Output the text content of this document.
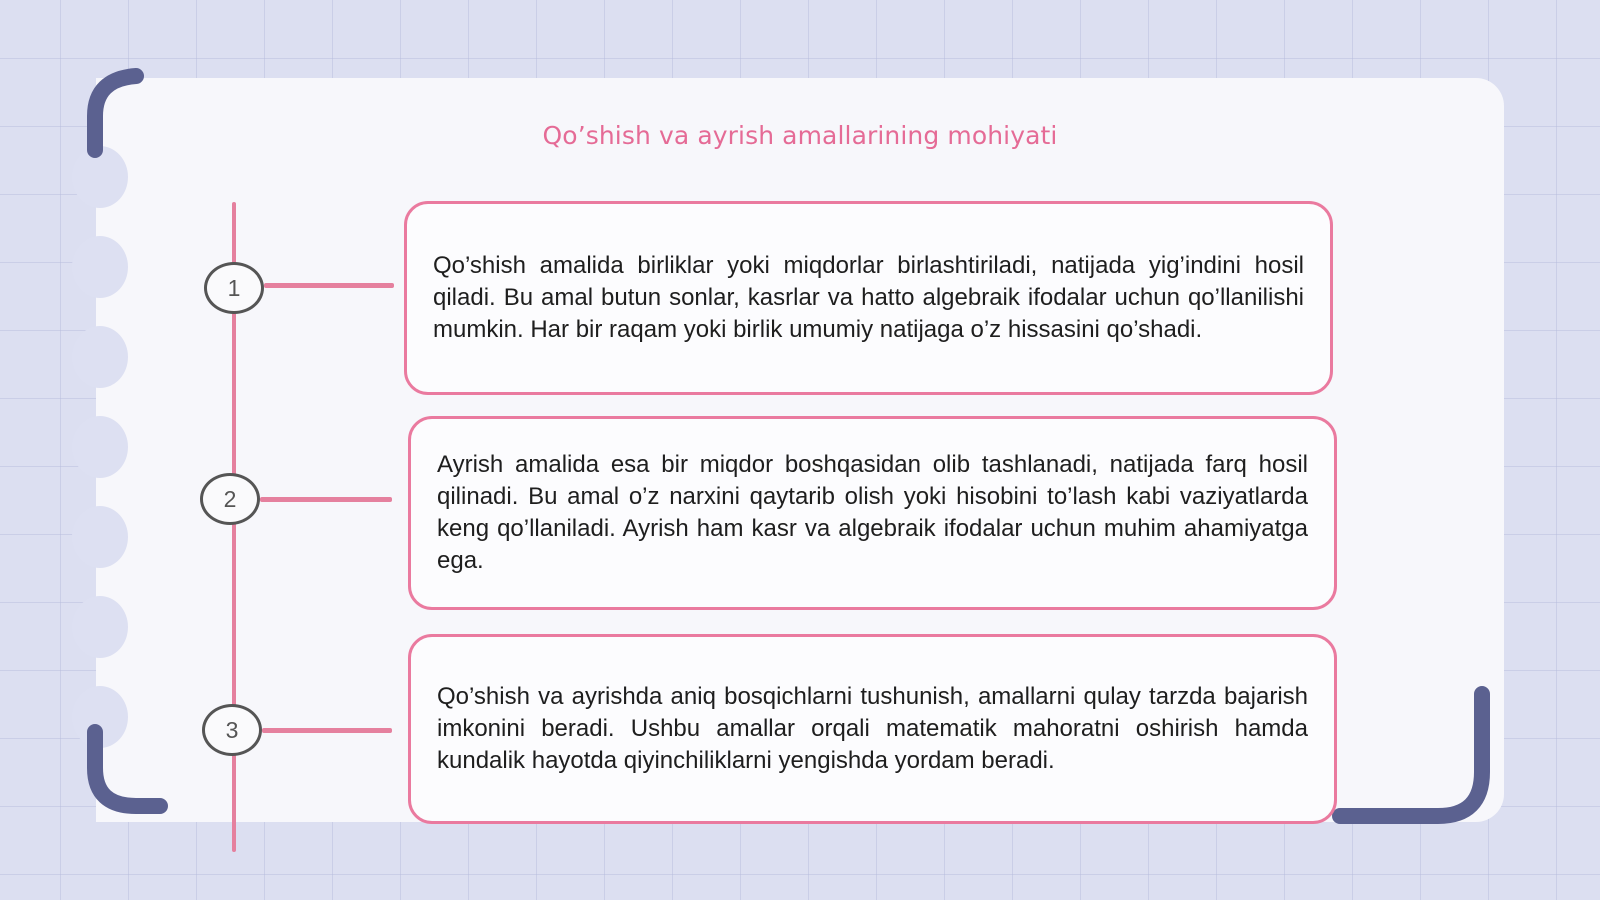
Qo’shish va ayrish amallarining mohiyati
1

Qo’shish amalida birliklar yoki miqdorlar birlashtiriladi, natijada yig’indini hosil qiladi. Bu amal butun sonlar, kasrlar va hatto algebraik ifodalar uchun qo’llanilishi mumkin. Har bir raqam yoki birlik umumiy natijaga o’z hissasini qo’shadi.

2

Ayrish amalida esa bir miqdor boshqasidan olib tashlanadi, natijada farq hosil qilinadi. Bu amal o’z narxini qaytarib olish yoki hisobini to’lash kabi vaziyatlarda keng qo’llaniladi. Ayrish ham kasr va algebraik ifodalar uchun muhim ahamiyatga ega.

3

Qo’shish va ayrishda aniq bosqichlarni tushunish, amallarni qulay tarzda bajarish imkonini beradi. Ushbu amallar orqali matematik mahoratni oshirish hamda kundalik hayotda qiyinchiliklarni yengishda yordam beradi.
